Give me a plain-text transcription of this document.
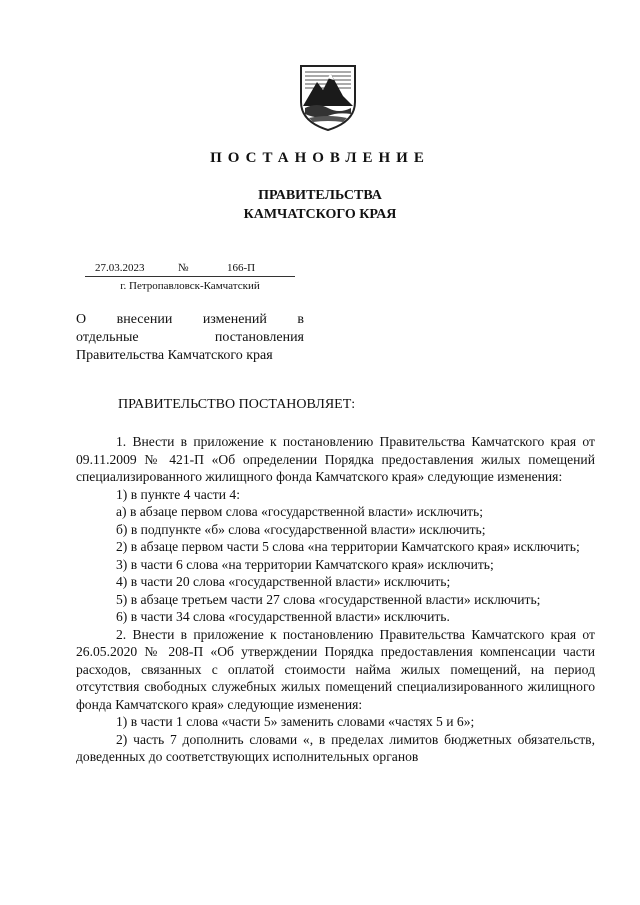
ПОСТАНОВЛЕНИЕ
ПРАВИТЕЛЬСТВА
КАМЧАТСКОГО КРАЯ
27.03.2023	№	166-П
г. Петропавловск-Камчатский
О внесении изменений в
отдельные постановления
Правительства Камчатского края
ПРАВИТЕЛЬСТВО ПОСТАНОВЛЯЕТ:

1. Внести в приложение к постановлению Правительства Камчатского края от 09.11.2009 № 421-П «Об определении Порядка предоставления жилых помещений специализированного жилищного фонда Камчатского края» следующие изменения:

1) в пункте 4 части 4:

а) в абзаце первом слова «государственной власти» исключить;

б) в подпункте «б» слова «государственной власти» исключить;

2) в абзаце первом части 5 слова «на территории Камчатского края» исключить;

3) в части 6 слова «на территории Камчатского края» исключить;

4) в части 20 слова «государственной власти» исключить;

5) в абзаце третьем части 27 слова «государственной власти» исключить;

6) в части 34 слова «государственной власти» исключить.

2. Внести в приложение к постановлению Правительства Камчатского края от 26.05.2020 № 208-П «Об утверждении Порядка предоставления компенсации части расходов, связанных с оплатой стоимости найма жилых помещений, на период отсутствия свободных служебных жилых помещений специализированного жилищного фонда Камчатского края» следующие изменения:

1) в части 1 слова «части 5» заменить словами «частях 5 и 6»;

2) часть 7 дополнить словами «, в пределах лимитов бюджетных обязательств, доведенных до соответствующих исполнительных органов
